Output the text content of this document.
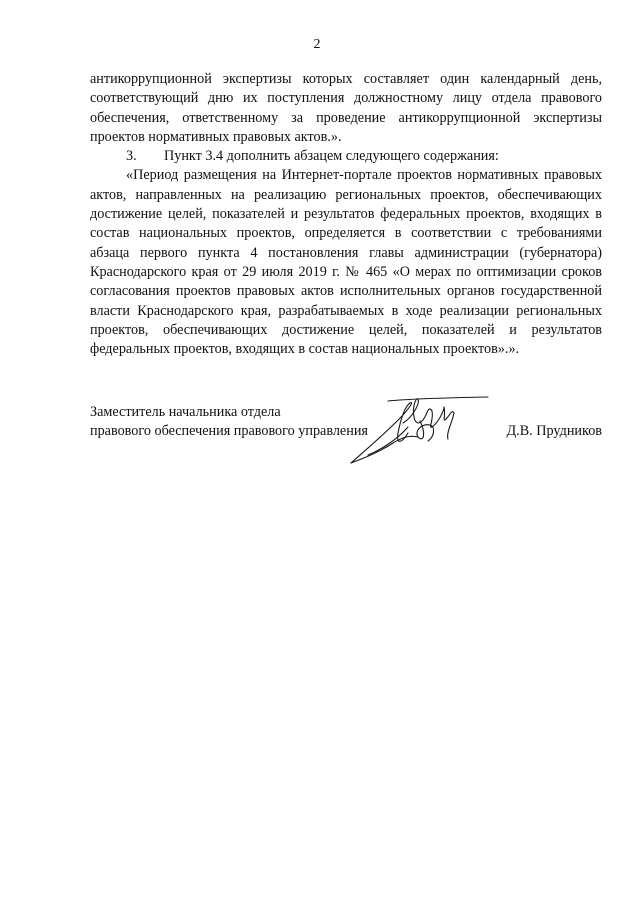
2

антикоррупционной экспертизы которых составляет один календарный день, соответствующий дню их поступления должностному лицу отдела правового обеспечения, ответственному за проведение антикоррупционной экспертизы проектов нормативных правовых актов.».

3. Пункт 3.4 дополнить абзацем следующего содержания:

«Период размещения на Интернет-портале проектов нормативных правовых актов, направленных на реализацию региональных проектов, обеспечивающих достижение целей, показателей и результатов федеральных проектов, входящих в состав национальных проектов, определяется в соответствии с требованиями абзаца первого пункта 4 постановления главы администрации (губернатора) Краснодарского края от 29 июля 2019 г. № 465 «О мерах по оптимизации сроков согласования проектов правовых актов исполнительных органов государственной власти Краснодарского края, разрабатываемых в ходе реализации региональных проектов, обеспечивающих достижение целей, показателей и результатов федеральных проектов, входящих в состав национальных проектов».».

Заместитель начальника отдела
правового обеспечения правового управления	Д.В. Прудников
